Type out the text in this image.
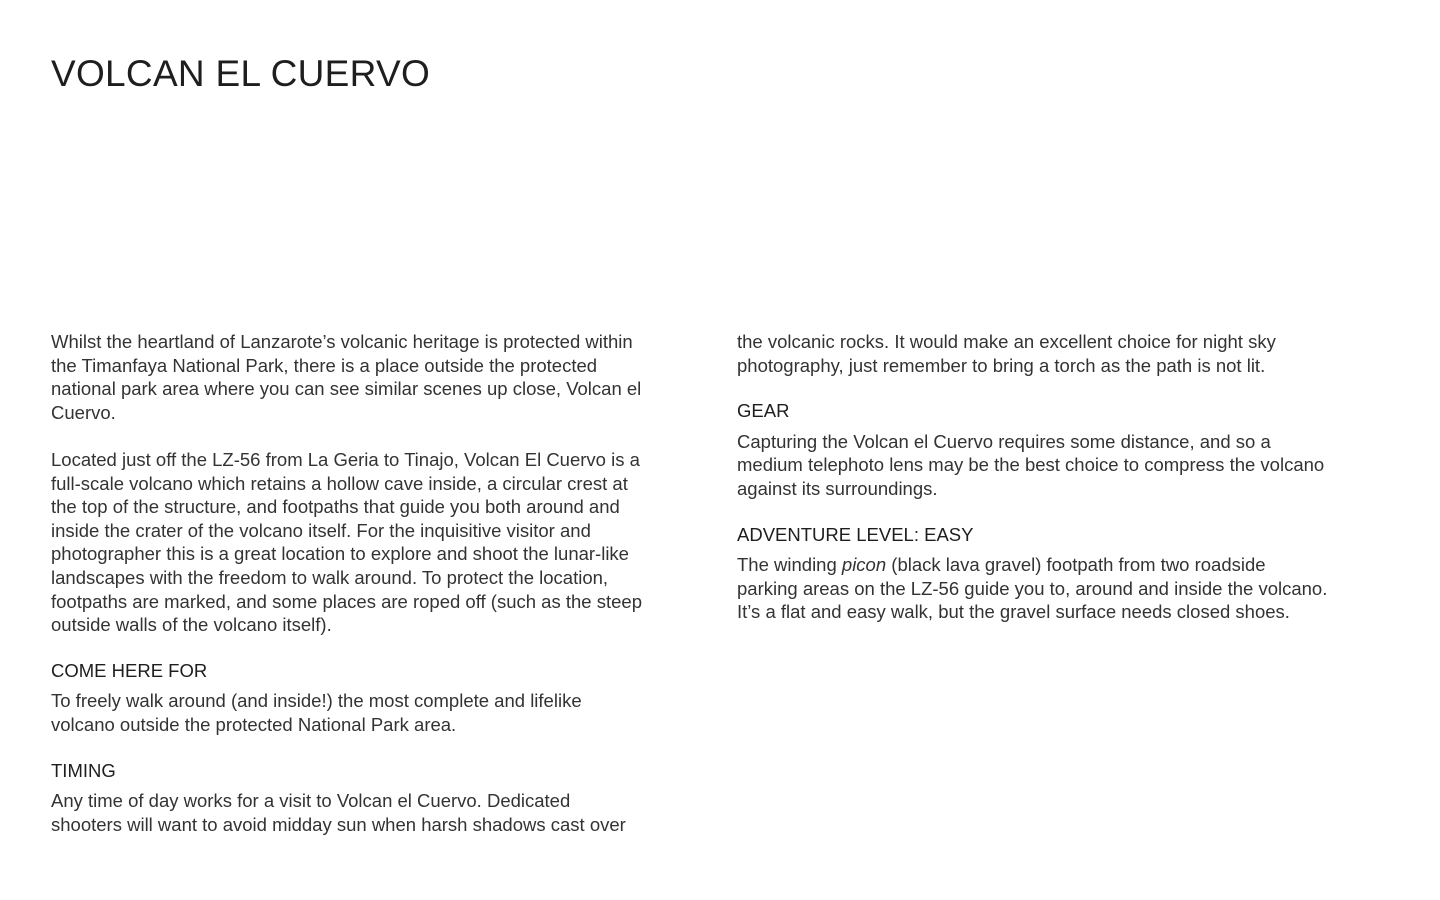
VOLCAN EL CUERVO

Whilst the heartland of Lanzarote’s volcanic heritage is protected within
the Timanfaya National Park, there is a place outside the protected
national park area where you can see similar scenes up close, Volcan el
Cuervo.

Located just off the LZ-56 from La Geria to Tinajo, Volcan El Cuervo is a
full-scale volcano which retains a hollow cave inside, a circular crest at
the top of the structure, and footpaths that guide you both around and
inside the crater of the volcano itself. For the inquisitive visitor and
photographer this is a great location to explore and shoot the lunar-like
landscapes with the freedom to walk around. To protect the location,
footpaths are marked, and some places are roped off (such as the steep
outside walls of the volcano itself).

COME HERE FOR

To freely walk around (and inside!) the most complete and lifelike
volcano outside the protected National Park area.

TIMING

Any time of day works for a visit to Volcan el Cuervo. Dedicated
shooters will want to avoid midday sun when harsh shadows cast over

the volcanic rocks. It would make an excellent choice for night sky
photography, just remember to bring a torch as the path is not lit.

GEAR

Capturing the Volcan el Cuervo requires some distance, and so a
medium telephoto lens may be the best choice to compress the volcano
against its surroundings.

ADVENTURE LEVEL: EASY

The winding picon (black lava gravel) footpath from two roadside
parking areas on the LZ-56 guide you to, around and inside the volcano.
It’s a flat and easy walk, but the gravel surface needs closed shoes.
